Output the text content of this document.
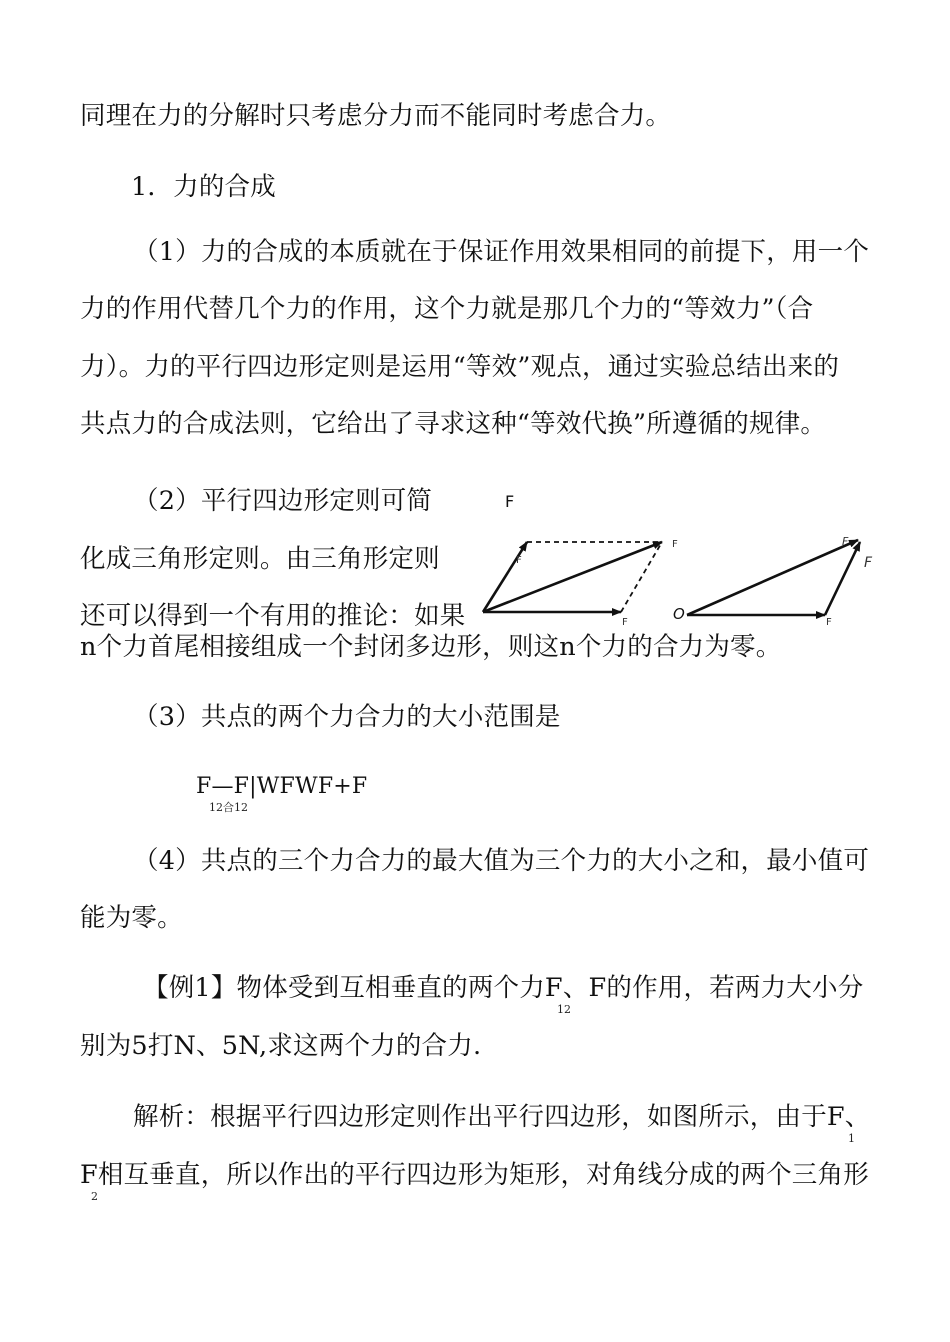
同理在力的分解时只考虑分力而不能同时考虑合力。
1．力的合成
（1）力的合成的本质就在于保证作用效果相同的前提下，用一个
力的作用代替几个力的作用，这个力就是那几个力的“等效力”（合
力）。力的平行四边形定则是运用“等效”观点，通过实验总结出来的
共点力的合成法则，它给出了寻求这种“等效代换”所遵循的规律。
（2）平行四边形定则可简
化成三角形定则。由三角形定则
还可以得到一个有用的推论：如果
n个力首尾相接组成一个封闭多边形，则这n个力的合力为零。
（3）共点的两个力合力的大小范围是
F—F|WFWF+F
12合12
（4）共点的三个力合力的最大值为三个力的大小之和，最小值可
能为零。
【例1】物体受到互相垂直的两个力F、F的作用，若两力大小分
12
别为5打N、5N,求这两个力的合力.
解析：根据平行四边形定则作出平行四边形，如图所示，由于F、
1
F相互垂直，所以作出的平行四边形为矩形，对角线分成的两个三角形
2
F
F
F
F	O
F
F
F
